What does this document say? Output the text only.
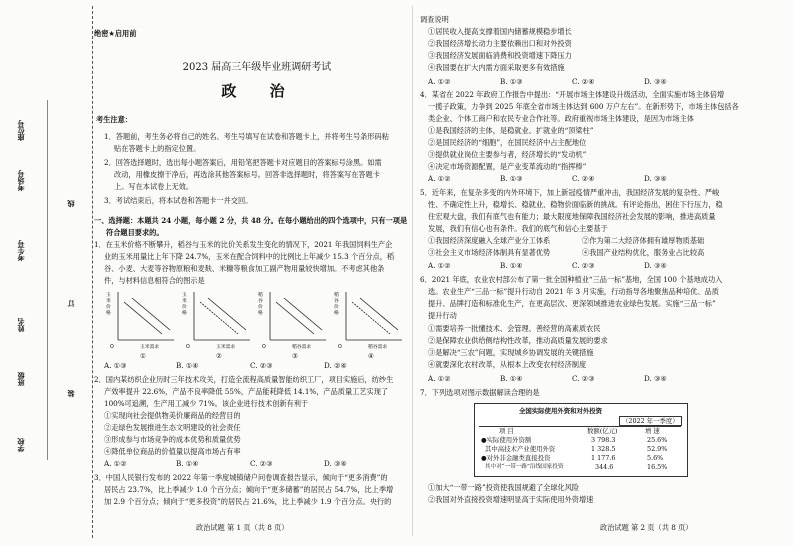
学校
班级
姓名
考生号
考场号
座位号
线
订
装
绝密★启用前
2023 届高三年级毕业班调研考试
政 治
考生注意：
1．答题前，考生务必将自己的姓名、考生号填写在试卷和答题卡上，并将考生号条形码粘
贴在答题卡上的指定位置。
2．回答选择题时，选出每小题答案后，用铅笔把答题卡对应题目的答案标号涂黑。如需
改动，用橡皮擦干净后，再选涂其他答案标号。回答非选择题时，将答案写在答题卡
上。写在本试卷上无效。
3．考试结束后，将本试卷和答题卡一并交回。
一、选择题：本题共 24 小题，每小题 2 分，共 48 分。在每小题给出的四个选项中，只有一项是
符合题目要求的。
1．在玉米价格不断攀升，稻谷与玉米的比价关系发生变化的情况下，2021 年我国饲料生产企
业的玉米用量比上年下降 24.7%，玉米在配合饲料中的比例比上年减少 15.3 个百分点，稻
谷、小麦、大麦等谷物原粮和麦麸、米糠等粮食加工副产物用量较快增加。不考虑其他条
件，与材料信息相符合的图示是
玉
米
价
格
玉米需求
O
玉
米
价
格
玉米需求
O
稻
谷
价
格
稻谷需求
O
稻
谷
价
格
稻谷需求
O
①	②	③	④
A. ①③	B. ①④	C. ②③	D. ②④
2．国内某纺织企业历时三年技术攻关，打造全流程高质量智能纺织工厂，项目实施后，纺纱生
产效率提升 22.6%，产品不良率降低 55%，产品能耗降低 14.1%，产品质量工艺实现了
100%可追溯，生产用工减少 71%。该企业进行技术创新有利于
①实现向社会提供物美价廉商品的经营目的
②走绿色发展推进生态文明建设的社会责任
③形成参与市场竞争的成本优势和质量优势
④降低单位商品的价值量以提高市场占有率
A. ①②	B. ①④	C. ②③	D. ③④
3．中国人民银行发布的 2022 年第一季度城镇储户问卷调查报告显示，倾向于“更多消费”的
居民占 23.7%，比上季减少 1.0 个百分点；倾向于“更多储蓄”的居民占 54.7%，比上季增
加 2.9 个百分点；倾向于“更多投资”的居民占 21.6%，比上季减少 1.9 个百分点。央行的
政治试题 第 1 页（共 8 页）
调查说明
①居民收入提高支撑着国内储蓄规模稳步增长
②我国经济增长动力主要依赖出口和对外投资
③我国经济发展面临消费和投资增速下降压力
④我国要在扩大内需方面采取更多有效措施
A. ①②	B. ①③	C. ②④	D. ③④
4．某省在 2022 年政府工作报告中提出：“开展市场主体建设升级活动，全面实施市场主体倍增
一揽子政策，力争到 2025 年底全省市场主体达到 600 万户左右”。在新形势下，市场主体包括各
类企业、个体工商户和农民专业合作社等。政府重视市场主体建设，是因为市场主体
①是我国经济的主体，是稳就业、扩就业的“顶梁柱”
②是国民经济的“细胞”，在国民经济中占主配地位
③提供就业岗位主要参与者，经济增长的“发动机”
④决定市场资源配置，是产业变革流动的“指挥棒”
A. ①②	B. ①③	C. ②④	D. ③④
5．近年来，在复杂多变的内外环境下，加上新冠疫情严重冲击，我国经济发展的复杂性、严峻
性、不确定性上升，稳增长、稳就业、稳物价面临新的挑战。有评论指出，困住下行压力，稳
住宏观大盘，我们有底气也有能力；最大限度地保障我国经济社会发展的影响，推进高质量
发展，我们有信心也有条件。我们的底气和信心主要基于
①我国经济深度融入全球产业分工体系	②作为第二大经济体拥有雄厚物质基础
③社会主义市场经济体制具有显著优势	④我国产业结构优化，服务业占比较高
A. ①②	B. ①④	C. ②③	D. ③④
6．2021 年底，农业农村部公布了第一批全国种植业“三品一标”基地，全国 100 个基地成功入
选。农业生产“三品一标”提升行动自 2021 年 3 月实施，行动指导各地聚焦品种培优、品质
提升、品牌打造和标准化生产，在更高层次、更深领域推进农业绿色发展。实施“三品一标”
提升行动
①需要培养一批懂技术、会管理、善经营的高素质农民
②是保障农业供给侧结构性改革，推动高质量发展的要求
③是解决“三农”问题，实现城乡协调发展的关键措施
④就要深化农村改革，从根本上改变农村经济制度
A. ①②	B. ①④	C. ②③	D. ③④
7．下列选项对图示数据解读合理的是
全国实际使用外资和对外投资
（2022 年一季度）
项 目	数额(亿元)	增 速
●实际使用外资额	3 798.3	25.6%
其中高技术产业使用外资	1 328.5	52.9%
●对外非金融类直接投资	1 177.6	5.6%
其中对“一带一路”沿线国家投资	344.6	16.5%
①加大“一带一路”投资使我国规避了全球化风险
②我国对外直接投资增速明显高于实际使用外资增速
政治试题 第 2 页（共 8 页）
